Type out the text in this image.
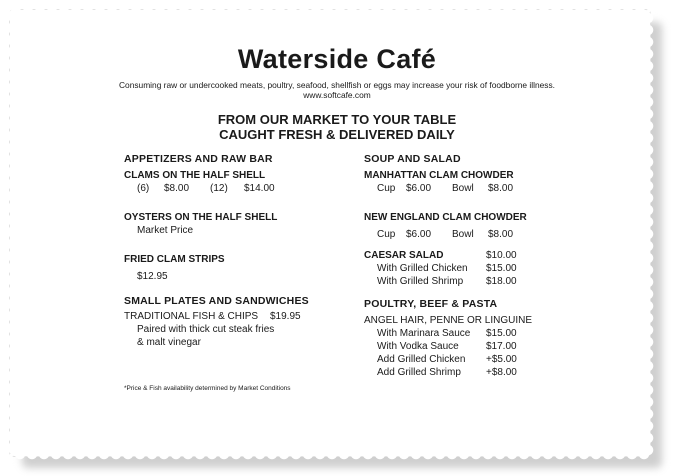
Waterside Café
Consuming raw or undercooked meats, poultry, seafood, shellfish or eggs may increase your risk of foodborne illness.
www.softcafe.com
FROM OUR MARKET TO YOUR TABLE
CAUGHT FRESH & DELIVERED DAILY
APPETIZERS AND RAW BAR
CLAMS ON THE HALF SHELL
(6)	$8.00	(12)	$14.00
OYSTERS ON THE HALF SHELL
Market Price
FRIED CLAM STRIPS
$12.95
SMALL PLATES AND SANDWICHES
TRADITIONAL FISH & CHIPS	$19.95
Paired with thick cut steak fries
& malt vinegar
*Price & Fish availability determined by Market Conditions
SOUP AND SALAD
MANHATTAN CLAM CHOWDER
Cup	$6.00	Bowl	$8.00
NEW ENGLAND CLAM CHOWDER
Cup	$6.00	Bowl	$8.00
CAESAR SALAD	$10.00
With Grilled Chicken	$15.00
With Grilled Shrimp	$18.00
POULTRY, BEEF & PASTA
ANGEL HAIR, PENNE OR LINGUINE
With Marinara Sauce	$15.00
With Vodka Sauce	$17.00
Add Grilled Chicken	+$5.00
Add Grilled Shrimp	+$8.00
